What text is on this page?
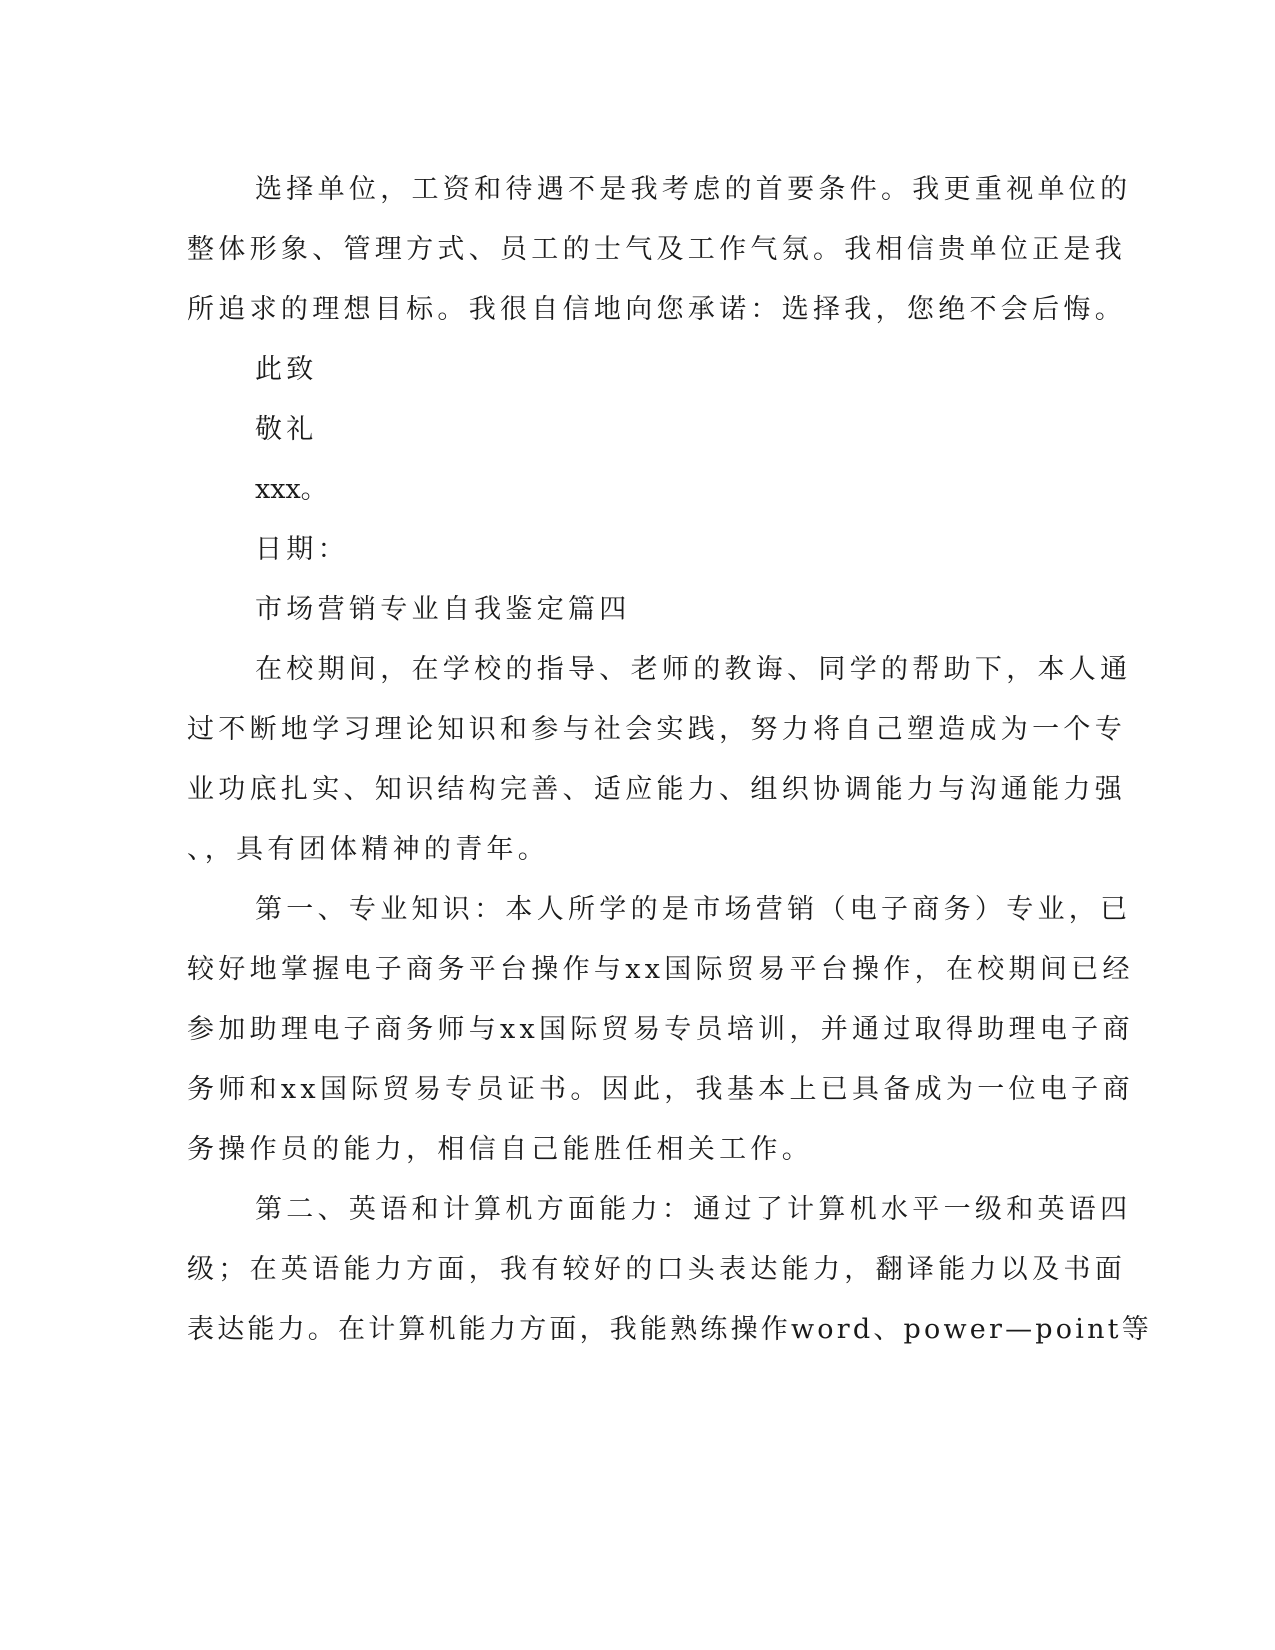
选择单位，工资和待遇不是我考虑的首要条件。我更重视单位的
整体形象、管理方式、员工的士气及工作气氛。我相信贵单位正是我
所追求的理想目标。我很自信地向您承诺：选择我，您绝不会后悔。
此致
敬礼
xxx。
日期：
市场营销专业自我鉴定篇四
在校期间，在学校的指导、老师的教诲、同学的帮助下，本人通
过不断地学习理论知识和参与社会实践，努力将自己塑造成为一个专
业功底扎实、知识结构完善、适应能力、组织协调能力与沟通能力强
、，具有团体精神的青年。
第一、专业知识：本人所学的是市场营销（电子商务）专业，已
较好地掌握电子商务平台操作与xx国际贸易平台操作，在校期间已经
参加助理电子商务师与xx国际贸易专员培训，并通过取得助理电子商
务师和xx国际贸易专员证书。因此，我基本上已具备成为一位电子商
务操作员的能力，相信自己能胜任相关工作。
第二、英语和计算机方面能力：通过了计算机水平一级和英语四
级；在英语能力方面，我有较好的口头表达能力，翻译能力以及书面
表达能力。在计算机能力方面，我能熟练操作word、power—point等
